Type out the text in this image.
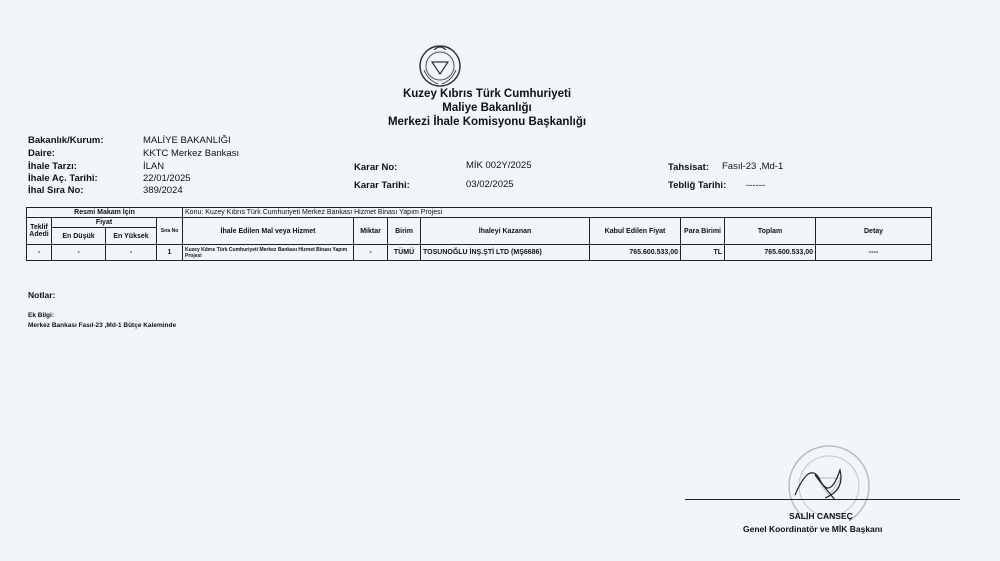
Kuzey Kıbrıs Türk Cumhuriyeti
Maliye Bakanlığı
Merkezi İhale Komisyonu Başkanlığı
Bakanlık/Kurum:	MALİYE BAKANLIĞI
Daire:	KKTC Merkez Bankası
İhale Tarzı:	İLAN
İhale Aç. Tarihi:	22/01/2025
İhal Sıra No:	389/2024
Karar No:	MİK 002Y/2025
Karar Tarihi:	03/02/2025
Tahsisat: Fasıl-23 ,Md-1
Tebliğ Tarihi: ------
Resmi Makam İçin				Konu: Kuzey Kıbrıs Türk Cumhuriyeti Merkez Bankası Hizmet Binası Yapım Projesi							
Teklif Adedi	Fiyat		Sıra No	İhale Edilen Mal veya Hizmet	Miktar	Birim	İhaleyi Kazanan	Kabul Edilen Fiyat	Para Birimi	Toplam	Detay
	En Düşük	En Yüksek									
-	-	-	1	Kuzey Kıbrıs Türk Cumhuriyeti Merkez Bankası Hizmet Binası Yapım Projesi	-	TÜMÜ	TOSUNOĞLU İNŞ.ŞTİ LTD (MŞ6686)	765.600.533,00	TL	765.600.533,00	----
Notlar:
Ek Bilgi:
Merkez Bankası Fasıl-23 ,Md-1 Bütçe Kaleminde
SALİH CANSEÇ
Genel Koordinatör ve MİK Başkanı
